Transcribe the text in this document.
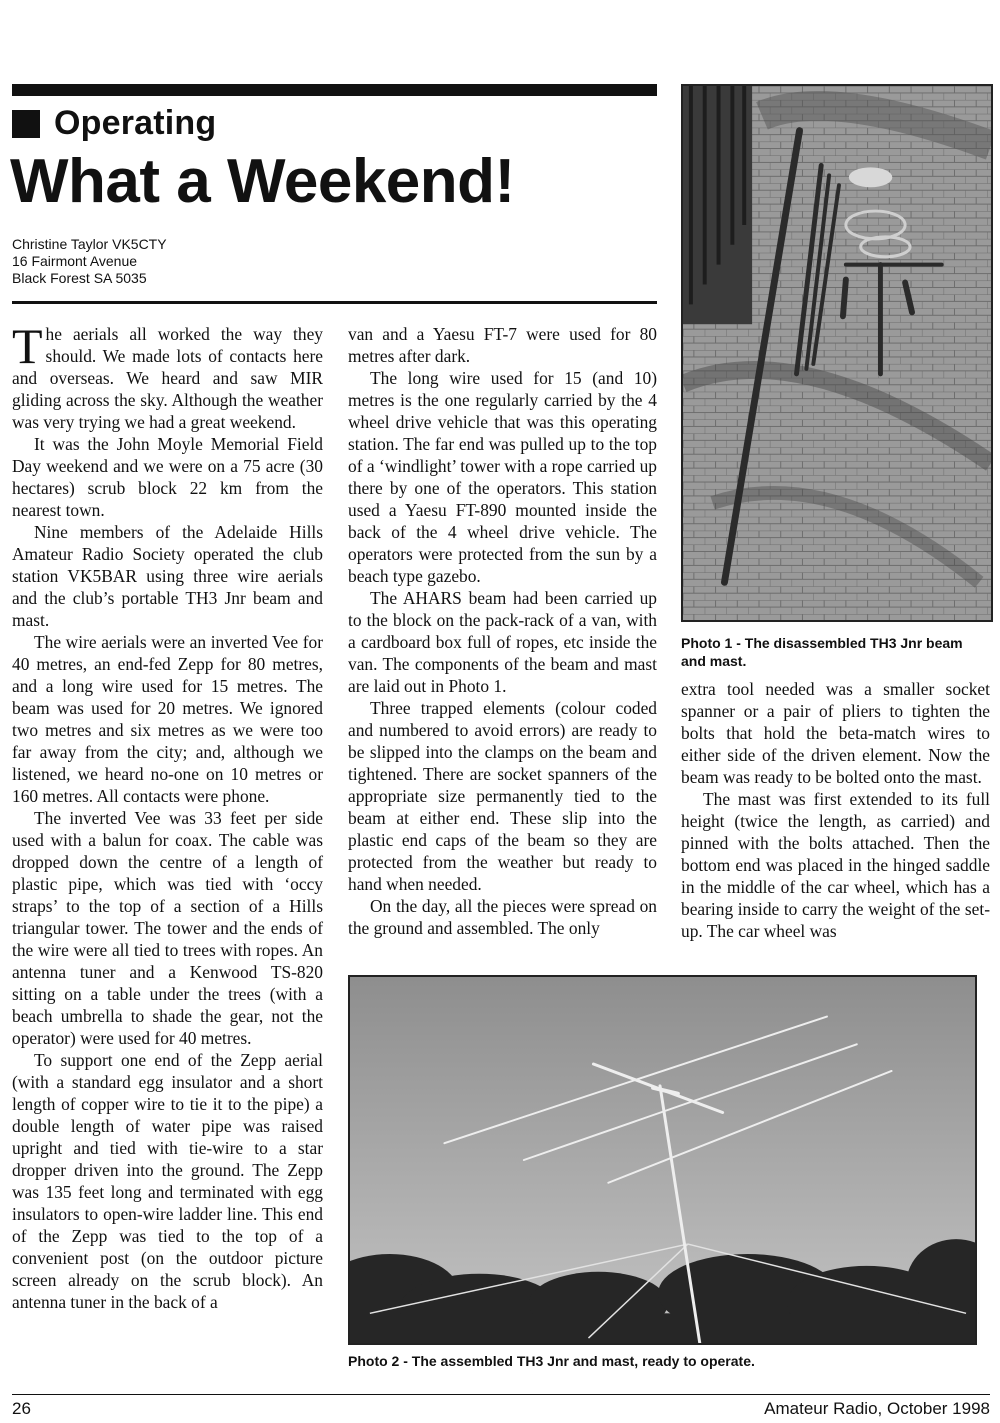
Operating
What a Weekend!
Christine Taylor VK5CTY
16 Fairmont Avenue
Black Forest SA 5035

The aerials all worked the way they should. We made lots of contacts here and overseas. We heard and saw MIR gliding across the sky. Although the weather was very trying we had a great weekend.

It was the John Moyle Memorial Field Day weekend and we were on a 75 acre (30 hectares) scrub block 22 km from the nearest town.

Nine members of the Adelaide Hills Amateur Radio Society operated the club station VK5BAR using three wire aerials and the club’s portable TH3 Jnr beam and mast.

The wire aerials were an inverted Vee for 40 metres, an end-fed Zepp for 80 metres, and a long wire used for 15 metres. The beam was used for 20 metres. We ignored two metres and six metres as we were too far away from the city; and, although we listened, we heard no-one on 10 metres or 160 metres. All contacts were phone.

The inverted Vee was 33 feet per side used with a balun for coax. The cable was dropped down the centre of a length of plastic pipe, which was tied with ‘occy straps’ to the top of a section of a Hills triangular tower. The tower and the ends of the wire were all tied to trees with ropes. An antenna tuner and a Kenwood TS-820 sitting on a table under the trees (with a beach umbrella to shade the gear, not the operator) were used for 40 metres.

To support one end of the Zepp aerial (with a standard egg insulator and a short length of copper wire to tie it to the pipe) a double length of water pipe was raised upright and tied with tie-wire to a star dropper driven into the ground. The Zepp was 135 feet long and terminated with egg insulators to open-wire ladder line. This end of the Zepp was tied to the top of a convenient post (on the outdoor picture screen already on the scrub block). An antenna tuner in the back of a

van and a Yaesu FT-7 were used for 80 metres after dark.

The long wire used for 15 (and 10) metres is the one regularly carried by the 4 wheel drive vehicle that was this operating station. The far end was pulled up to the top of a ‘windlight’ tower with a rope carried up there by one of the operators. This station used a Yaesu FT-890 mounted inside the back of the 4 wheel drive vehicle. The operators were protected from the sun by a beach type gazebo.

The AHARS beam had been carried up to the block on the pack-rack of a van, with a cardboard box full of ropes, etc inside the van. The components of the beam and mast are laid out in Photo 1.

Three trapped elements (colour coded and numbered to avoid errors) are ready to be slipped into the clamps on the beam and tightened. There are socket spanners of the appropriate size permanently tied to the beam at either end. These slip into the plastic end caps of the beam so they are protected from the weather but ready to hand when needed.

On the day, all the pieces were spread on the ground and assembled. The only

Photo 1 - The disassembled TH3 Jnr beam and mast.

extra tool needed was a smaller socket spanner or a pair of pliers to tighten the bolts that hold the beta-match wires to either side of the driven element. Now the beam was ready to be bolted onto the mast.

The mast was first extended to its full height (twice the length, as carried) and pinned with the bolts attached. Then the bottom end was placed in the hinged saddle in the middle of the car wheel, which has a bearing inside to carry the weight of the set-up. The car wheel was

Photo 2 - The assembled TH3 Jnr and mast, ready to operate.
26	Amateur Radio, October 1998
